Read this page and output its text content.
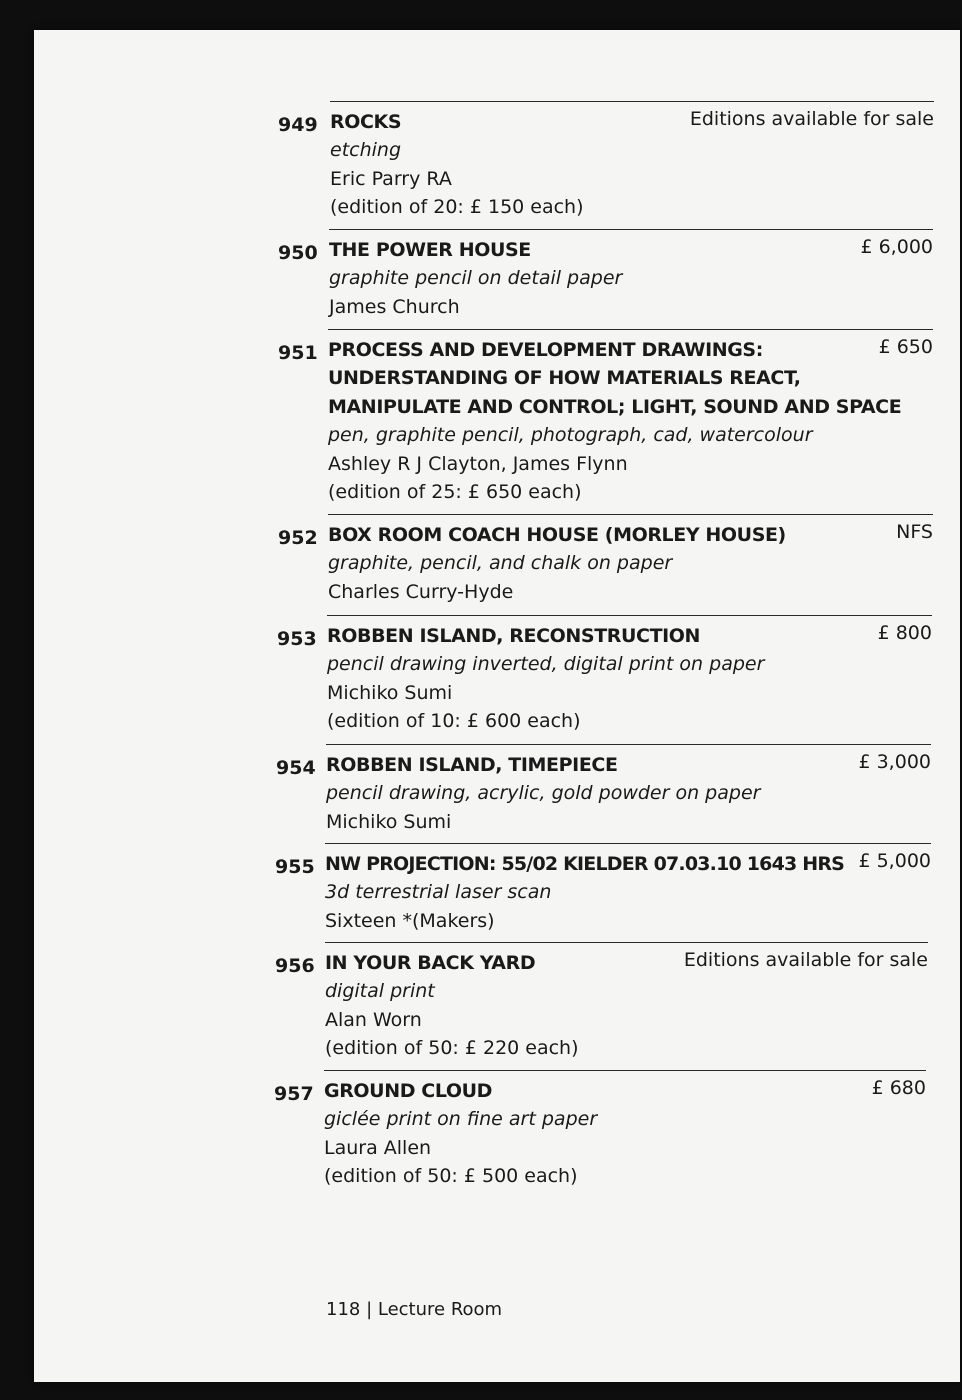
949 ROCKS	Editions available for sale
etching
Eric Parry RA
(edition of 20: £ 150 each)
950 THE POWER HOUSE	£ 6,000
graphite pencil on detail paper
James Church
951 PROCESS AND DEVELOPMENT DRAWINGS:
UNDERSTANDING OF HOW MATERIALS REACT,
MANIPULATE AND CONTROL; LIGHT, SOUND AND SPACE
£ 650
pen, graphite pencil, photograph, cad, watercolour
Ashley R J Clayton, James Flynn
(edition of 25: £ 650 each)
952 BOX ROOM COACH HOUSE (MORLEY HOUSE)	NFS
graphite, pencil, and chalk on paper
Charles Curry-Hyde
953 ROBBEN ISLAND, RECONSTRUCTION	£ 800
pencil drawing inverted, digital print on paper
Michiko Sumi
(edition of 10: £ 600 each)
954 ROBBEN ISLAND, TIMEPIECE	£ 3,000
pencil drawing, acrylic, gold powder on paper
Michiko Sumi
955 NW PROJECTION: 55/02 KIELDER 07.03.10 1643 HRS £ 5,000
3d terrestrial laser scan
Sixteen *(Makers)
956 IN YOUR BACK YARD	Editions available for sale
digital print
Alan Worn
(edition of 50: £ 220 each)
957 GROUND CLOUD	£ 680
giclée print on fine art paper
Laura Allen
(edition of 50: £ 500 each)
118 | Lecture Room
